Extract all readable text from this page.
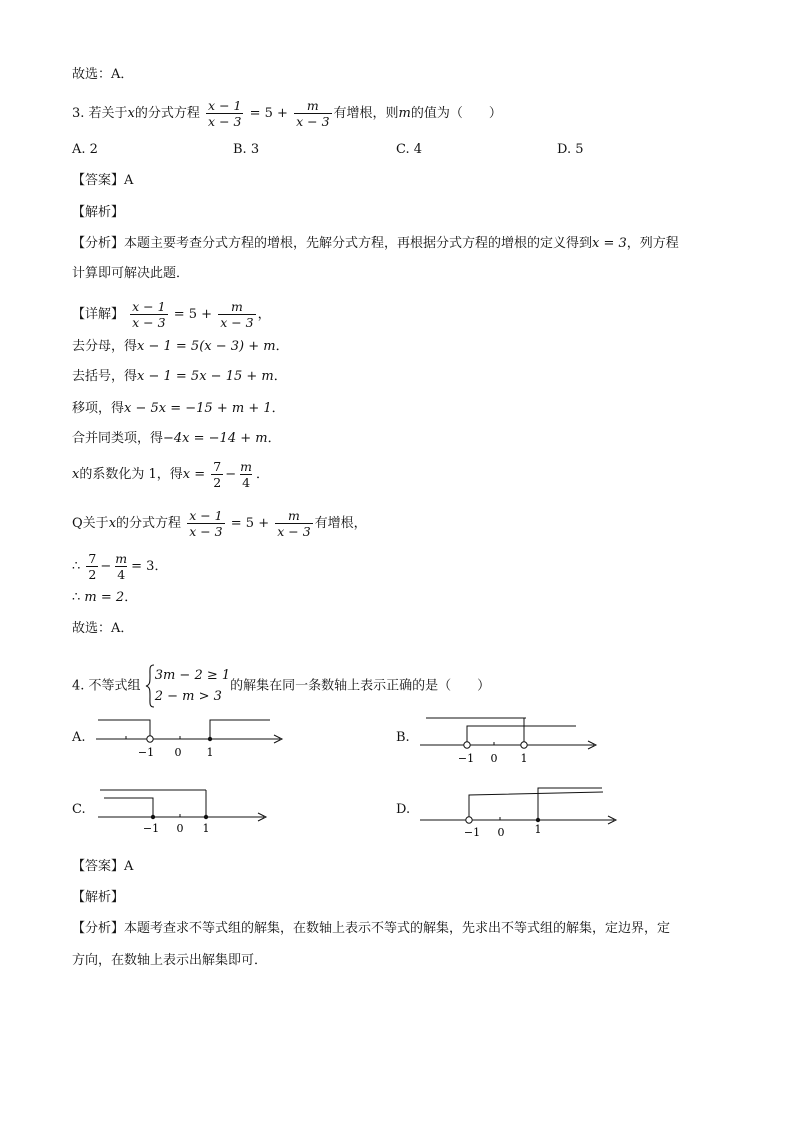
故选：A．
3. 若关于x的分式方程 $\frac{x - 1}{x - 3} = 5 + \frac{m}{x - 3}$ 有增根，则m的值为（　　）
A. 2	B. 3	C. 4	D. 5
【答案】A
【解析】
【分析】本题主要考查分式方程的增根，先解分式方程，再根据分式方程的增根的定义得到x = 3，列方程
计算即可解决此题．
【详解】 $\frac{x - 1}{x - 3} = 5 + \frac{m}{x - 3}$ ，
去分母，得x − 1 = 5(x − 3) + m．
去括号，得x − 1 = 5x − 15 + m．
移项，得x − 5x = −15 + m + 1．
合并同类项，得−4x = −14 + m．
x的系数化为 1，得$x = \frac{7}{2} - \frac{m}{4}$ ．
Q关于x的分式方程 $\frac{x - 1}{x - 3} = 5 + \frac{m}{x - 3}$ 有增根，
∴ $\frac{7}{2} - \frac{m}{4} = 3$．
∴ m = 2．
故选：A．
4. 不等式组
3m − 2 ≥ 1
2 − m > 3
的解集在同一条数轴上表示正确的是（　　）
A.
−1 0 1
B.
−1 0 1
C.
−1 0 1
D.
−1 0	1
【答案】A
【解析】
【分析】本题考查求不等式组的解集，在数轴上表示不等式的解集，先求出不等式组的解集，定边界，定
方向，在数轴上表示出解集即可．
